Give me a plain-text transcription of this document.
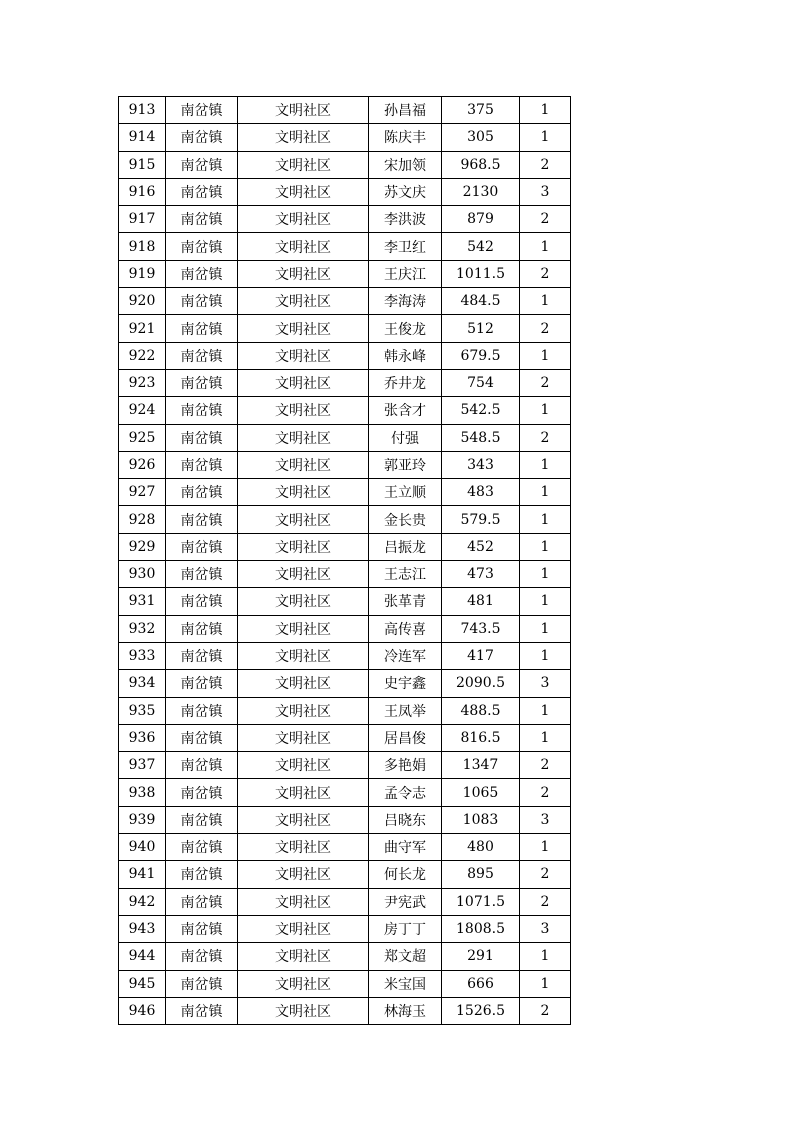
913	南岔镇	文明社区	孙昌福	375	1
914	南岔镇	文明社区	陈庆丰	305	1
915	南岔镇	文明社区	宋加领	968.5	2
916	南岔镇	文明社区	苏文庆	2130	3
917	南岔镇	文明社区	李洪波	879	2
918	南岔镇	文明社区	李卫红	542	1
919	南岔镇	文明社区	王庆江	1011.5	2
920	南岔镇	文明社区	李海涛	484.5	1
921	南岔镇	文明社区	王俊龙	512	2
922	南岔镇	文明社区	韩永峰	679.5	1
923	南岔镇	文明社区	乔井龙	754	2
924	南岔镇	文明社区	张含才	542.5	1
925	南岔镇	文明社区	付强	548.5	2
926	南岔镇	文明社区	郭亚玲	343	1
927	南岔镇	文明社区	王立顺	483	1
928	南岔镇	文明社区	金长贵	579.5	1
929	南岔镇	文明社区	吕振龙	452	1
930	南岔镇	文明社区	王志江	473	1
931	南岔镇	文明社区	张革青	481	1
932	南岔镇	文明社区	高传喜	743.5	1
933	南岔镇	文明社区	冷连军	417	1
934	南岔镇	文明社区	史宇鑫	2090.5	3
935	南岔镇	文明社区	王凤举	488.5	1
936	南岔镇	文明社区	居昌俊	816.5	1
937	南岔镇	文明社区	多艳娟	1347	2
938	南岔镇	文明社区	孟令志	1065	2
939	南岔镇	文明社区	吕晓东	1083	3
940	南岔镇	文明社区	曲守军	480	1
941	南岔镇	文明社区	何长龙	895	2
942	南岔镇	文明社区	尹宪武	1071.5	2
943	南岔镇	文明社区	房丁丁	1808.5	3
944	南岔镇	文明社区	郑文超	291	1
945	南岔镇	文明社区	米宝国	666	1
946	南岔镇	文明社区	林海玉	1526.5	2
